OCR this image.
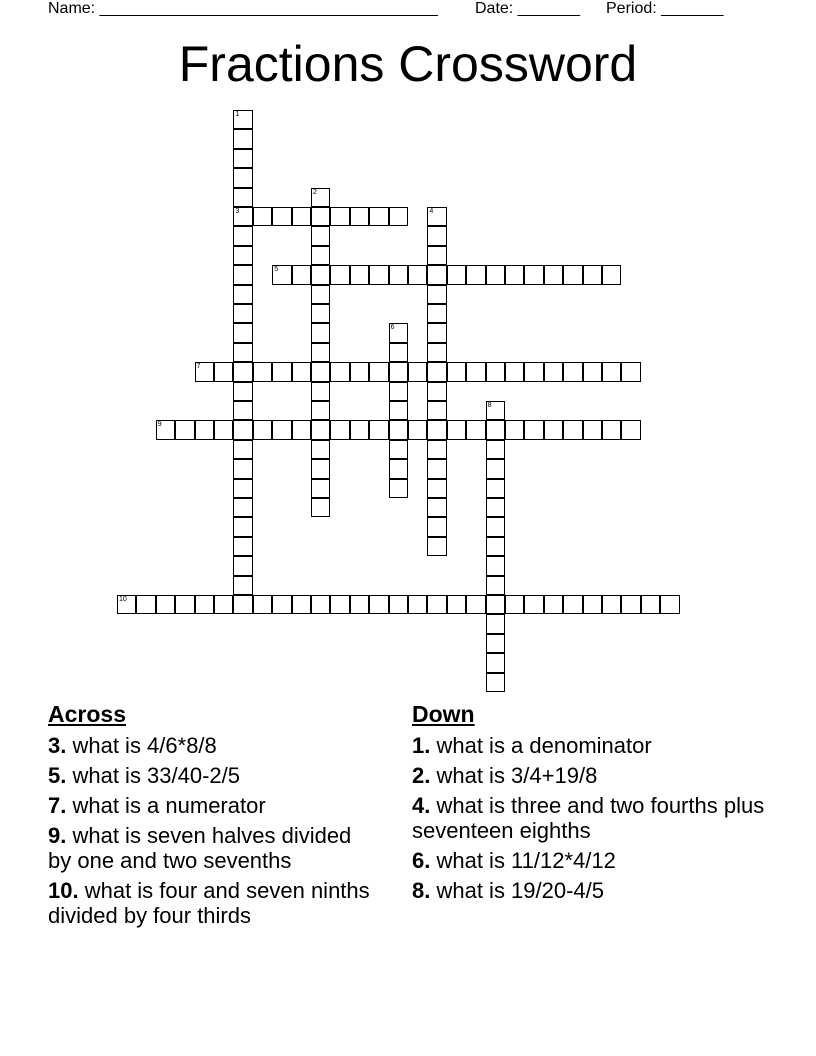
Name: ______________________________________ Date: _______ Period: _______
Fractions Crossword
1
3
2
4
5
6
7
9
8
10
Across
3. what is 4/6*8/8
5. what is 33/40-2/5
7. what is a numerator
9. what is seven halves divided by one and two sevenths
10. what is four and seven ninths divided by four thirds
Down
1. what is a denominator
2. what is 3/4+19/8
4. what is three and two fourths plus seventeen eighths
6. what is 11/12*4/12
8. what is 19/20-4/5
